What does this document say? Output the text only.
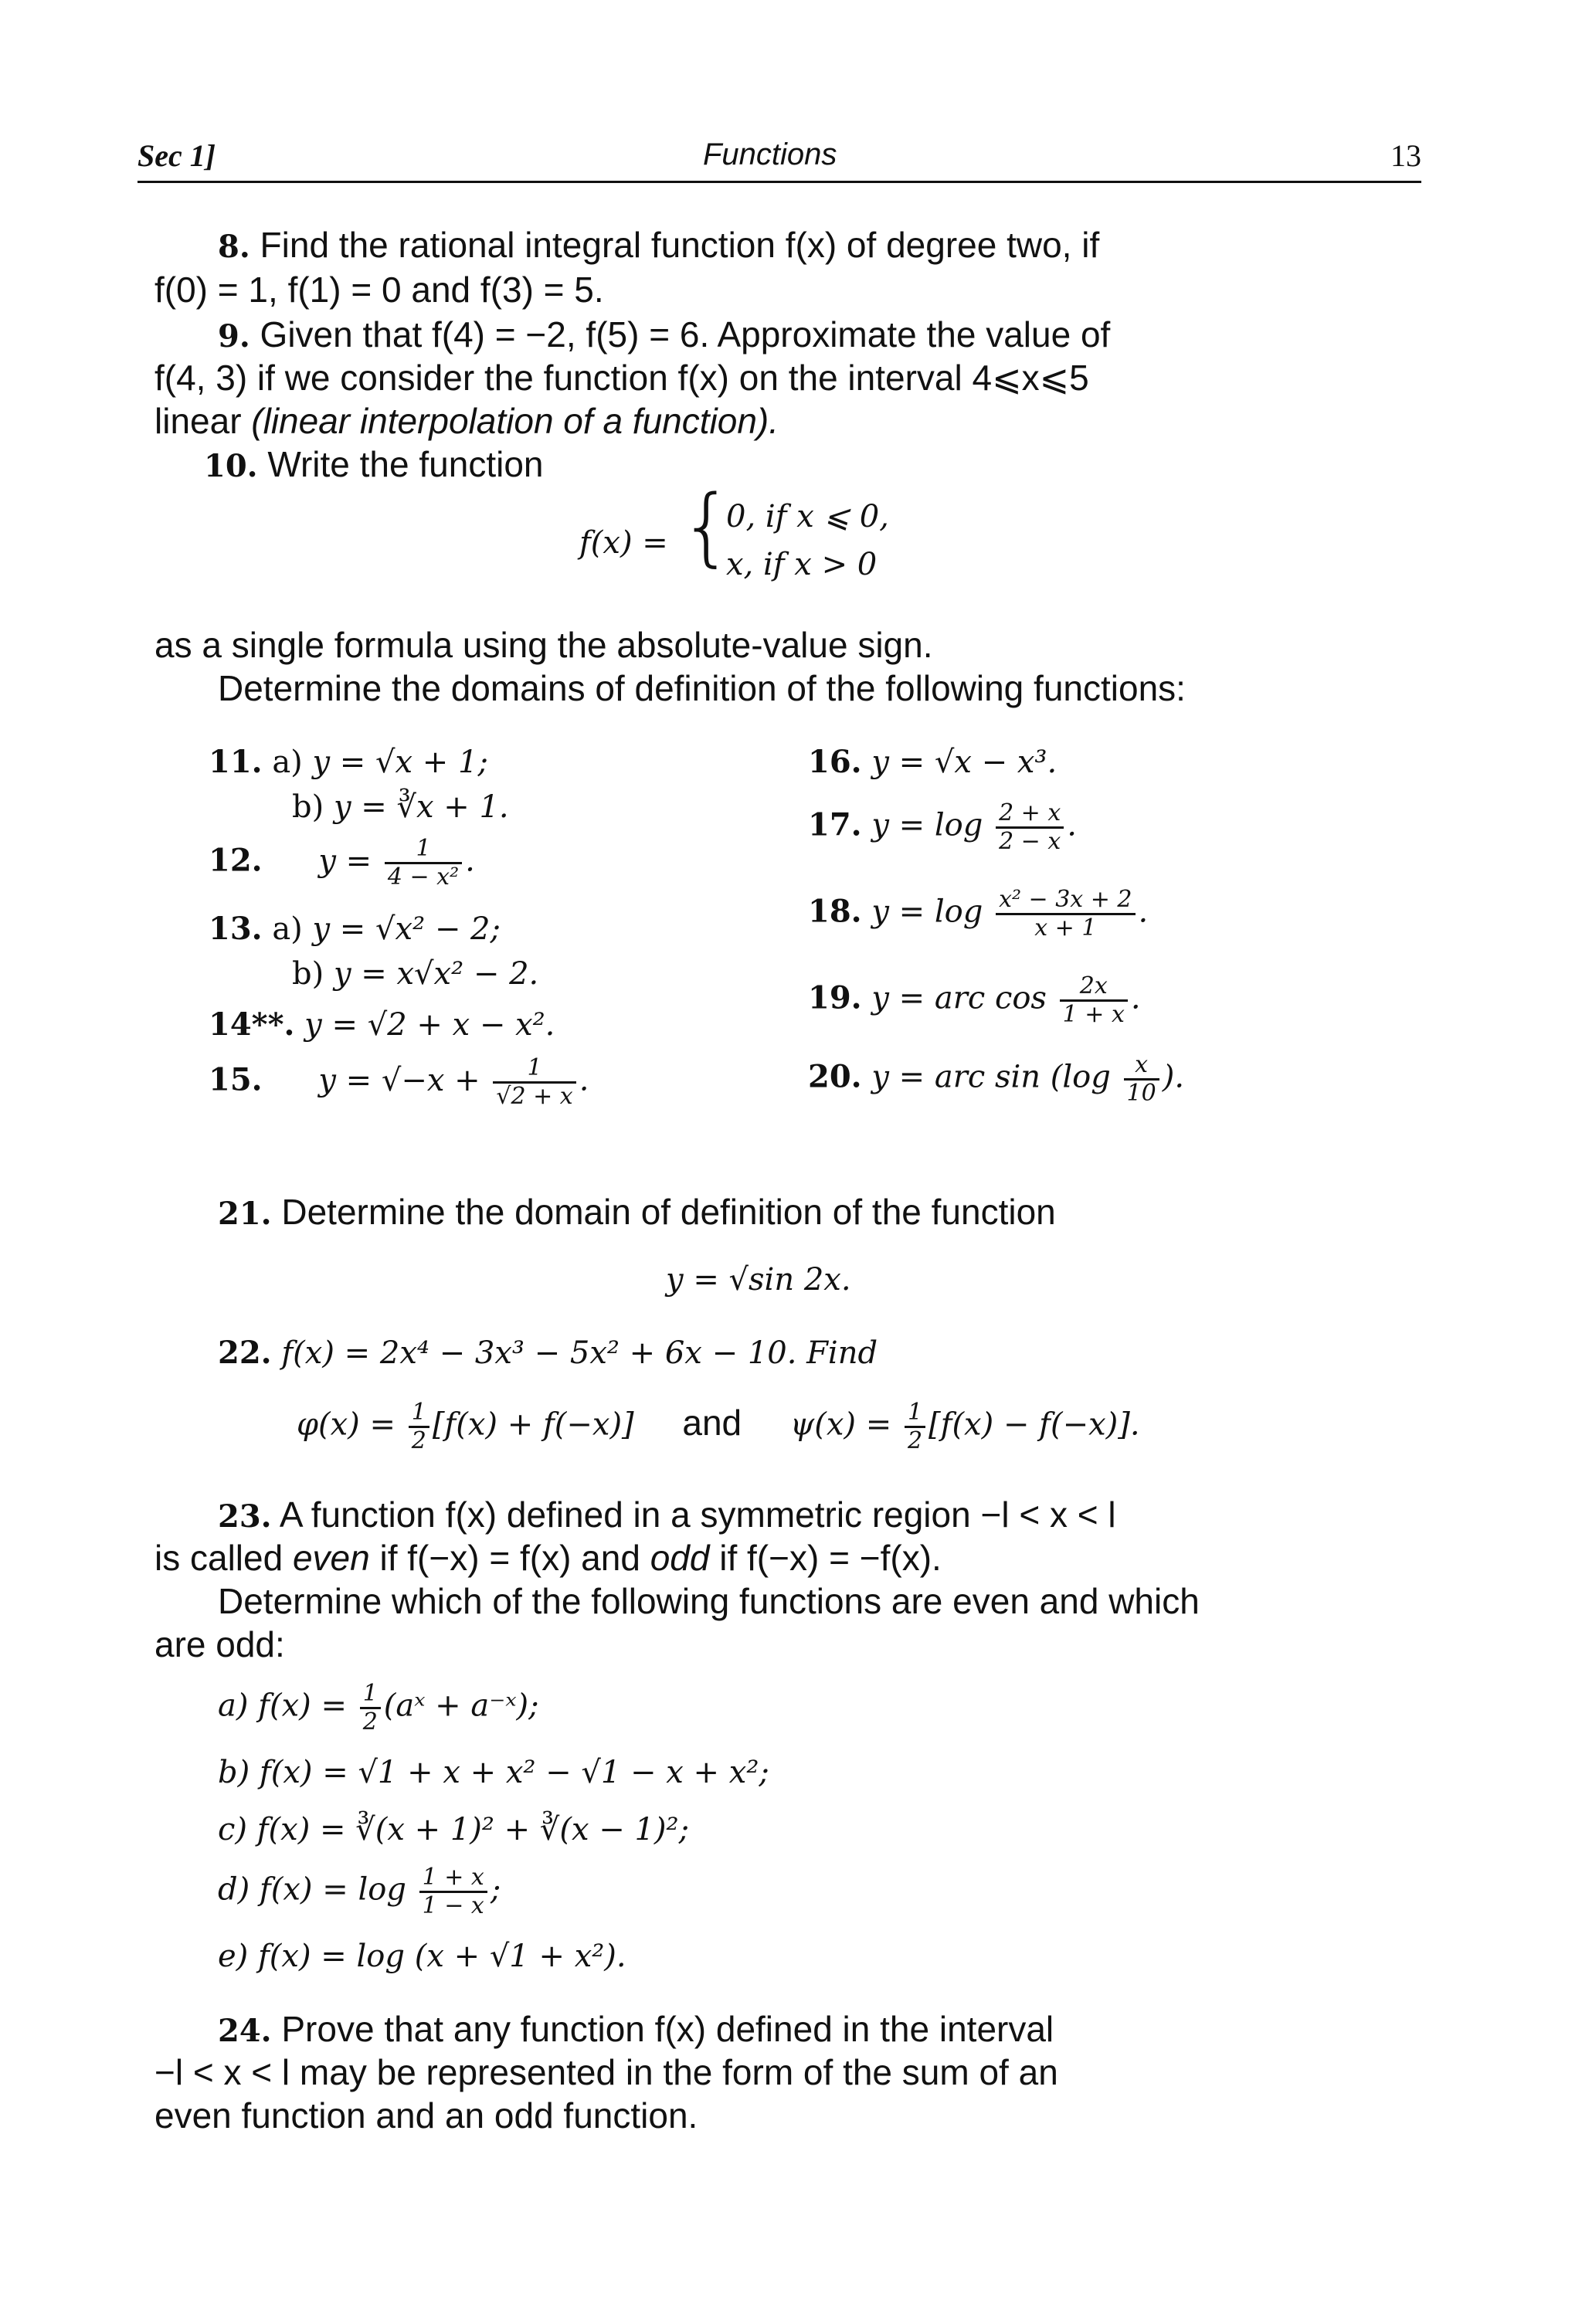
Sec 1]	Functions	13
8. Find the rational integral function f(x) of degree two, if
f(0) = 1, f(1) = 0 and f(3) = 5.
9. Given that f(4) = −2, f(5) = 6. Approximate the value of
f(4, 3) if we consider the function f(x) on the interval 4⩽x⩽5
linear (linear interpolation of a function).
10. Write the function
f(x) = {
0, if x ⩽ 0,
x, if x > 0
as a single formula using the absolute-value sign.
Determine the domains of definition of the following functions:
11. a) y = √x + 1;
b) y = ∛x + 1.
12. $y = \frac{1}{\text{4 − x²}}$ .
13. a) y = √x² − 2;
b) y = x√x² − 2.
14**. y = √2 + x − x².
15. $y = √-x + \frac{1}{√2 + x}$ .
16. y = √x − x³.
17. $y = \log \frac{2 + x}{2 - x}$ .
18. $y = \log \frac{\text{x² − 3x + 2}}{x + 1}$ .
19. y = arc $\cos \frac{2x}{1 + x}$ .
20. y = arc $\sin (\log \frac{x}{10}$ ).
21. Determine the domain of definition of the function
y = √sin 2x.
22. f(x) = 2x⁴ − 3x³ − 5x² + 6x − 10. Find
$\varphi(x) = \frac{1}{2} [f(x) + f(-x)]$ and $\psi(x) = \frac{1}{2} [f(x) - f(-x)]$.
23. A function f(x) defined in a symmetric region −l < x < l
is called even if f(−x) = f(x) and odd if f(−x) = −f(x).
Determine which of the following functions are even and which
are odd:
a) $f(x) = \frac{1}{2}$ (aˣ + a⁻ˣ);
b) f(x) = √1 + x + x² − √1 − x + x²;
c) f(x) = ∛(x + 1)² + ∛(x − 1)²;
d) $f(x) = \log \frac{1 + x}{1 - x}$ ;
e) f(x) = log (x + √1 + x²).
24. Prove that any function f(x) defined in the interval
−l < x < l may be represented in the form of the sum of an
even function and an odd function.
